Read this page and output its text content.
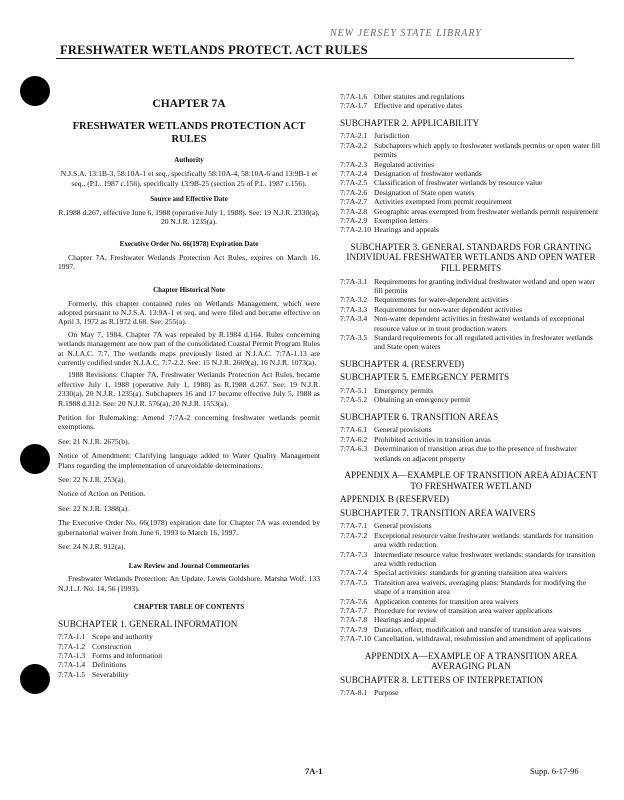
NEW JERSEY STATE LIBRARY
FRESHWATER WETLANDS PROTECT. ACT RULES
CHAPTER 7A
FRESHWATER WETLANDS PROTECTION ACT RULES
Authority

N.J.S.A. 13:1B-3, 58:10A-1 et seq., specifically 58:10A-4, 58:10A-6 and 13:9B-1 et seq., (P.L. 1987 c.156), specifically 13:9B-25 (section 25 of P.L. 1987 c.156).

Source and Effective Date

R.1988 d.267, effective June 6, 1988 (operative July 1, 1988). See: 19 N.J.R. 2330(a), 20 N.J.R. 1235(a).

Executive Order No. 66(1978) Expiration Date

Chapter 7A, Freshwater Wetlands Protection Act Rules, expires on March 16, 1997.

Chapter Historical Note

Formerly, this chapter contained rules on Wetlands Management, which were adopted pursuant to N.J.S.A. 13:9A-1 et seq. and were filed and became effective on April 3, 1972 as R.1972 d.68. See: 255(a).

On May 7, 1984, Chapter 7A was repealed by R.1984 d.164. Rules concerning wetlands management are now part of the consolidated Coastal Permit Program Rules at N.J.A.C. 7:7. The wetlands maps previously listed at N.J.A.C. 7:7A-1.13 are currently codified under N.J.A.C. 7:7-2.2. See: 15 N.J.R. 2669(a), 16 N.J.R. 1073(a).

1988 Revisions: Chapter 7A, Freshwater Wetlands Protection Act Rules, became effective July 1, 1988 (operative July 1, 1988) as R.1988 d.267. See: 19 N.J.R. 2330(a), 20 N.J.R. 1235(a). Subchapters 16 and 17 became effective July 5, 1988 as R.1988 d.312. See: 20 N.J.R. 576(a), 20 N.J.R. 1553(a).

Petition for Rulemaking: Amend 7:7A-2 concerning freshwater wetlands permit exemptions.

See: 21 N.J.R. 2675(b).

Notice of Amendment: Clarifying language added to Water Quality Management Plans regarding the implementation of unavoidable determinations.

See: 22 N.J.R. 253(a).

Notice of Action on Petition.

See: 22 N.J.R. 1388(a).

The Executive Order No. 66(1978) expiration date for Chapter 7A was extended by gubernatorial waiver from June 6, 1993 to March 16, 1997.

See: 24 N.J.R. 912(a).

Law Review and Journal Commentaries

Freshwater Wetlands Protection: An Update. Lewis Goldshore, Marsha Wolf, 133 N.J.L.J. No. 14, 56 (1993).

CHAPTER TABLE OF CONTENTS
SUBCHAPTER 1. GENERAL INFORMATION
7:7A-1.1 Scope and authority
7:7A-1.2 Construction
7:7A-1.3 Forms and information
7:7A-1.4 Definitions
7:7A-1.5 Severability
7:7A-1.6 Other statutes and regulations
7:7A-1.7 Effective and operative dates
SUBCHAPTER 2. APPLICABILITY
7:7A-2.1 Jurisdiction
7:7A-2.2 Subchapters which apply to freshwater wetlands permits or open water fill permits
7:7A-2.3 Regulated activities
7:7A-2.4 Designation of freshwater wetlands
7:7A-2.5 Classification of freshwater wetlands by resource value
7:7A-2.6 Designation of State open waters
7:7A-2.7 Activities exempted from permit requirement
7:7A-2.8 Geographic areas exempted from freshwater wetlands permit requirement
7:7A-2.9 Exemption letters
7:7A-2.10 Hearings and appeals
SUBCHAPTER 3. GENERAL STANDARDS FOR GRANTING INDIVIDUAL FRESHWATER WETLANDS AND OPEN WATER FILL PERMITS
7:7A-3.1 Requirements for granting individual freshwater wetland and open water fill permits
7:7A-3.2 Requirements for water-dependent activities
7:7A-3.3 Requirements for non-water dependent activities
7:7A-3.4 Non-water dependent activities in freshwater wetlands of exceptional resource value or in trout production waters
7:7A-3.5 Standard requirements for all regulated activities in freshwater wetlands and State open waters
SUBCHAPTER 4. (RESERVED)
SUBCHAPTER 5. EMERGENCY PERMITS
7:7A-5.1 Emergency permits
7:7A-5.2 Obtaining an emergency permit
SUBCHAPTER 6. TRANSITION AREAS
7:7A-6.1 General provisions
7:7A-6.2 Prohibited activities in transition areas
7:7A-6.3 Determination of transition areas due to the presence of freshwater wetlands on adjacent property
APPENDIX A—EXAMPLE OF TRANSITION AREA ADJACENT TO FRESHWATER WETLAND
APPENDIX B (RESERVED)
SUBCHAPTER 7. TRANSITION AREA WAIVERS
7:7A-7.1 General provisions
7:7A-7.2 Exceptional resource value freshwater wetlands: standards for transition area width reduction
7:7A-7.3 Intermediate resource value freshwater wetlands: standards for transition area width reduction
7:7A-7.4 Special activities: standards for granting transition area waivers
7:7A-7.5 Transition area waivers, averaging plans: Standards for modifying the shape of a transition area
7:7A-7.6 Application contents for transition area waivers
7:7A-7.7 Procedure for review of transition area waiver applications
7:7A-7.8 Hearings and appeal
7:7A-7.9 Duration, effect, modification and transfer of transition area waivers
7:7A-7.10 Cancellation, withdrawal, resubmission and amendment of applications
APPENDIX A—EXAMPLE OF A TRANSITION AREA AVERAGING PLAN
SUBCHAPTER 8. LETTERS OF INTERPRETATION
7:7A-8.1 Purpose
7A-1	Supp. 6-17-96
